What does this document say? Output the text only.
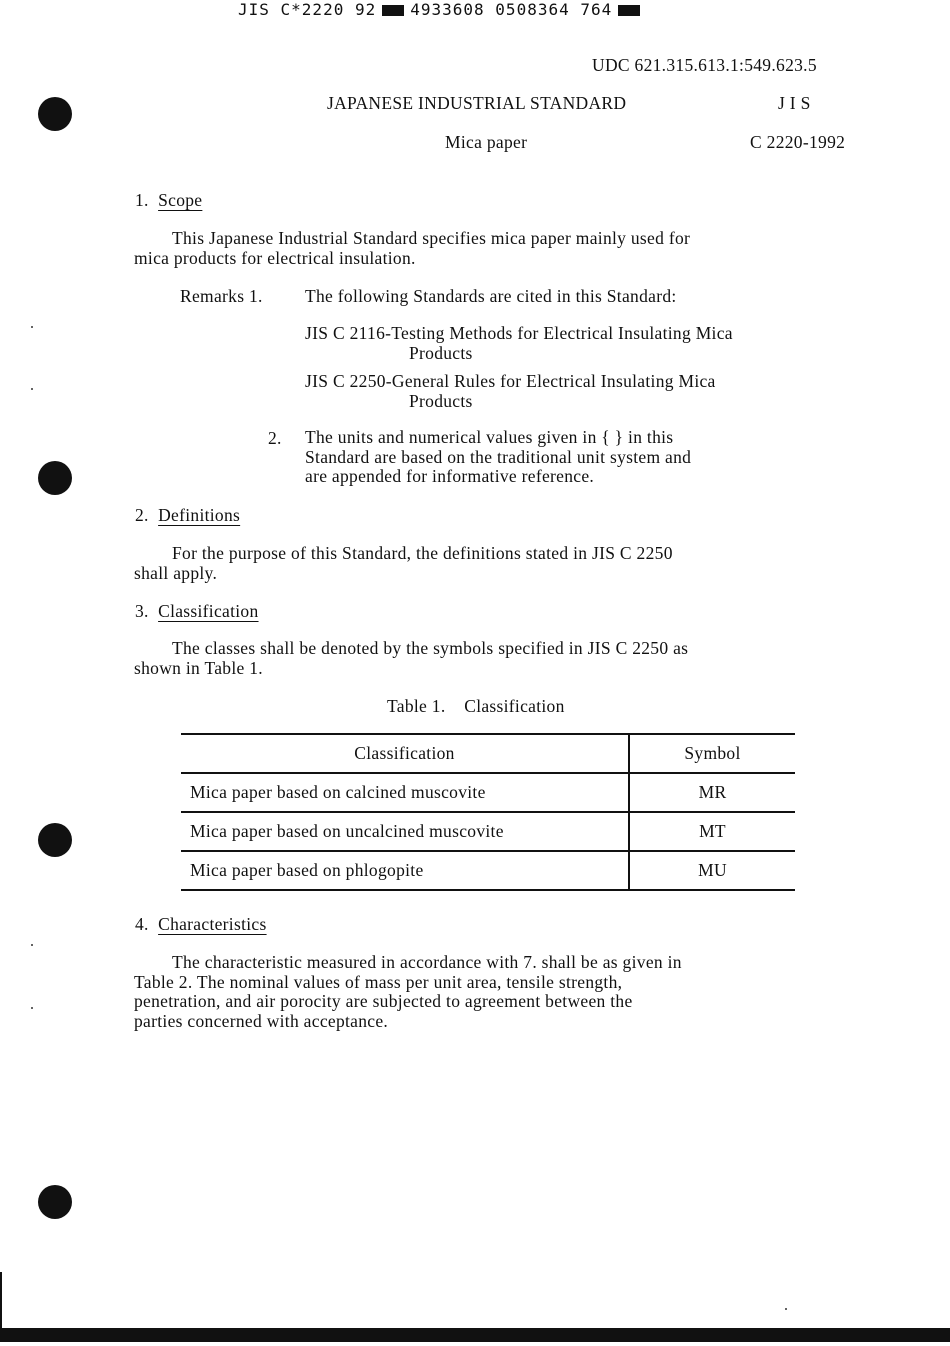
JIS C*2220 92 4933608 0508364 764
UDC 621.315.613.1:549.623.5
JAPANESE INDUSTRIAL STANDARD	J I S
Mica paper	C 2220-1992
1. Scope
This Japanese Industrial Standard specifies mica paper mainly used for
mica products for electrical insulation.
Remarks 1. The following Standards are cited in this Standard:
JIS C 2116-Testing Methods for Electrical Insulating Mica
Products
JIS C 2250-General Rules for Electrical Insulating Mica
Products
2. The units and numerical values given in { } in this
Standard are based on the traditional unit system and
are appended for informative reference.
2. Definitions
For the purpose of this Standard, the definitions stated in JIS C 2250
shall apply.
3. Classification
The classes shall be denoted by the symbols specified in JIS C 2250 as
shown in Table 1.
Table 1. Classification
Classification	Symbol
Mica paper based on calcined muscovite	MR
Mica paper based on uncalcined muscovite	MT
Mica paper based on phlogopite	MU
4. Characteristics
The characteristic measured in accordance with 7. shall be as given in
Table 2. The nominal values of mass per unit area, tensile strength,
penetration, and air porocity are subjected to agreement between the
parties concerned with acceptance.
